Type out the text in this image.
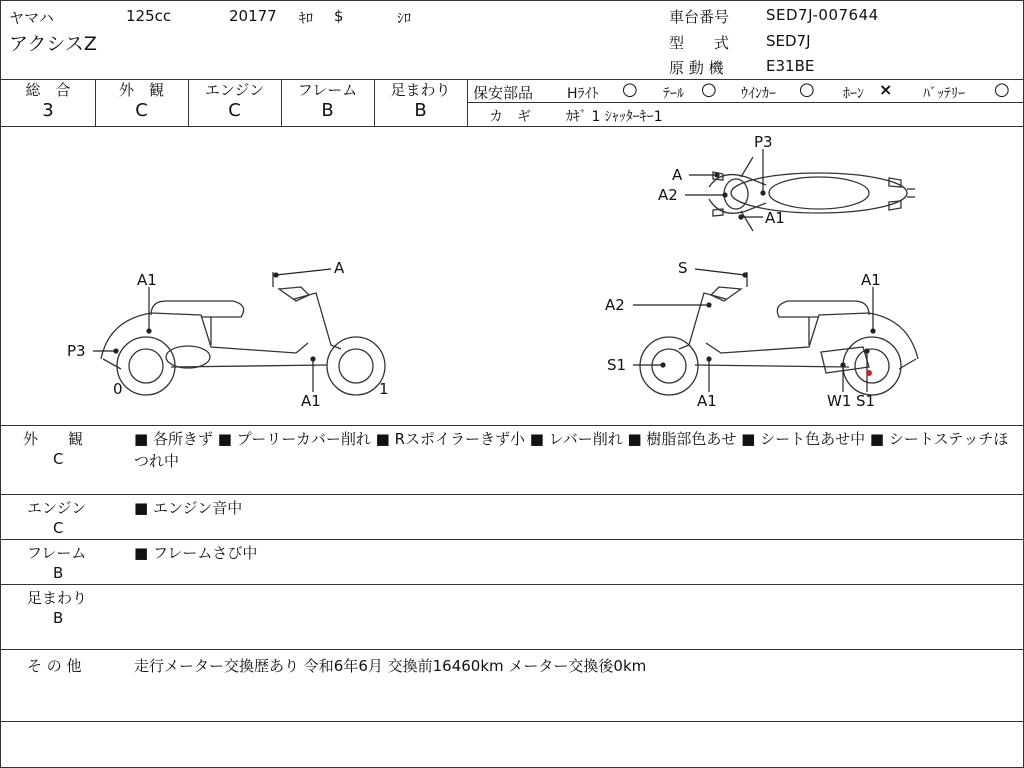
ヤマハ	125cc	20177 ｷﾛ $	ｼﾛ
アクシスZ
車台番号 SED7J-007644
型　　式 SED7J
原 動 機	E31BE
総　合
3
外　観
C
エンジン
C
フレーム
B
足まわり
B
保安部品 Hﾗｲﾄ ○ ﾃｰﾙ ○ ｳｲﾝｶｰ ○ ﾎｰﾝ × ﾊﾞｯﾃﾘｰ ○
カ　ギ	ｶｷﾞ 1 ｼｬｯﾀｰｷｰ1
P3
A
A2
A1
A1
A
P3
A1
0	1
S
A1
A2
S1
A1	W1 S1
外　　観
C
■ 各所きず ■ プーリーカバー削れ ■ Rスポイラーきず小 ■ レバー削れ ■ 樹脂部色あせ ■ シート色あせ中 ■ シートステッチほつれ中
エンジン
C
■ エンジン音中
フレーム
B
■ フレームさび中
足まわり
B
そ の 他	走行メーター交換歴あり 令和6年6月 交換前16460km メーター交換後0km
